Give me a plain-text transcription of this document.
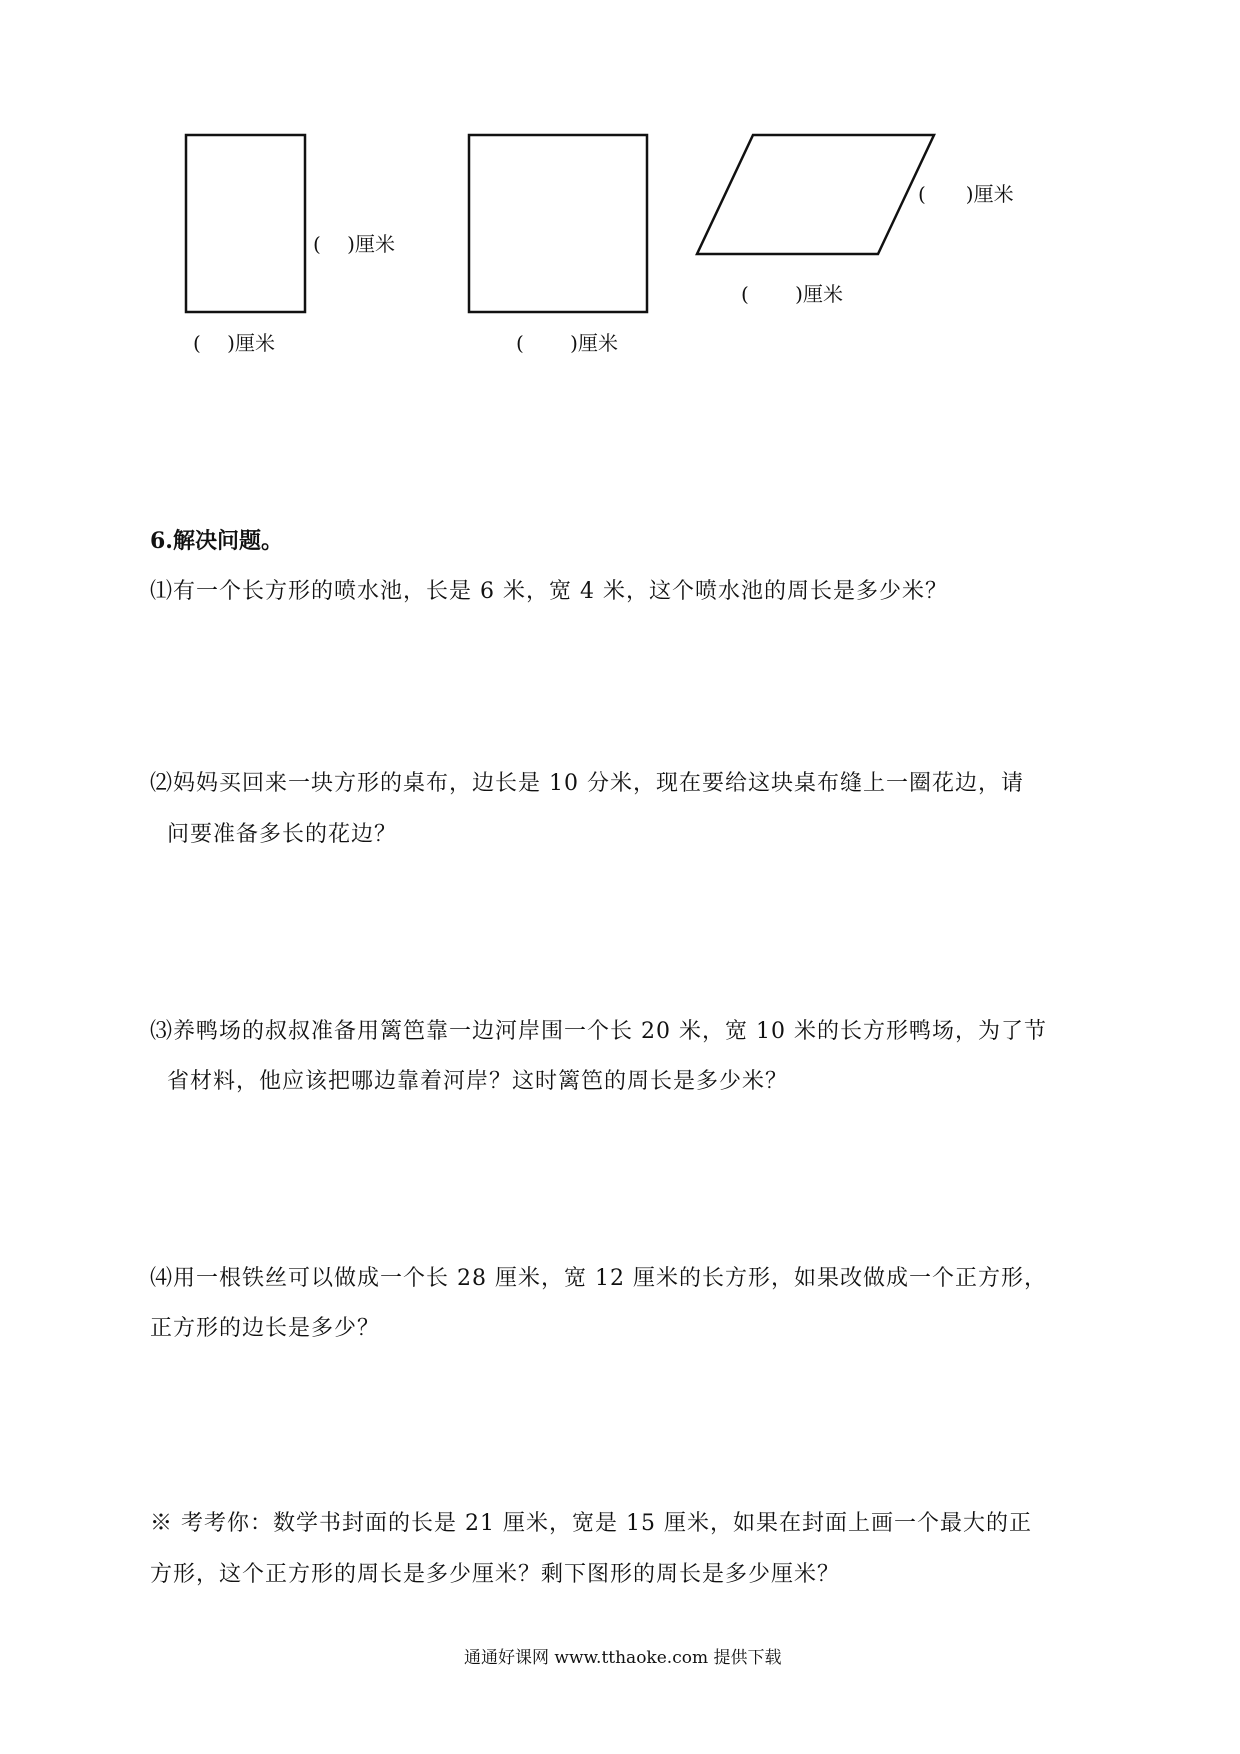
(　 )厘米
(　 )厘米	(　　 )厘米
(　　)厘米
(　　 )厘米
6.解决问题。
⑴有一个长方形的喷水池，长是 6 米，宽 4 米，这个喷水池的周长是多少米？
⑵妈妈买回来一块方形的桌布，边长是 10 分米，现在要给这块桌布缝上一圈花边，请
问要准备多长的花边？
⑶养鸭场的叔叔准备用篱笆靠一边河岸围一个长 20 米，宽 10 米的长方形鸭场，为了节
省材料，他应该把哪边靠着河岸？这时篱笆的周长是多少米？
⑷用一根铁丝可以做成一个长 28 厘米，宽 12 厘米的长方形，如果改做成一个正方形，
正方形的边长是多少？
※ 考考你：数学书封面的长是 21 厘米，宽是 15 厘米，如果在封面上画一个最大的正
方形，这个正方形的周长是多少厘米？剩下图形的周长是多少厘米？
通通好课网 www.tthaoke.com 提供下载
